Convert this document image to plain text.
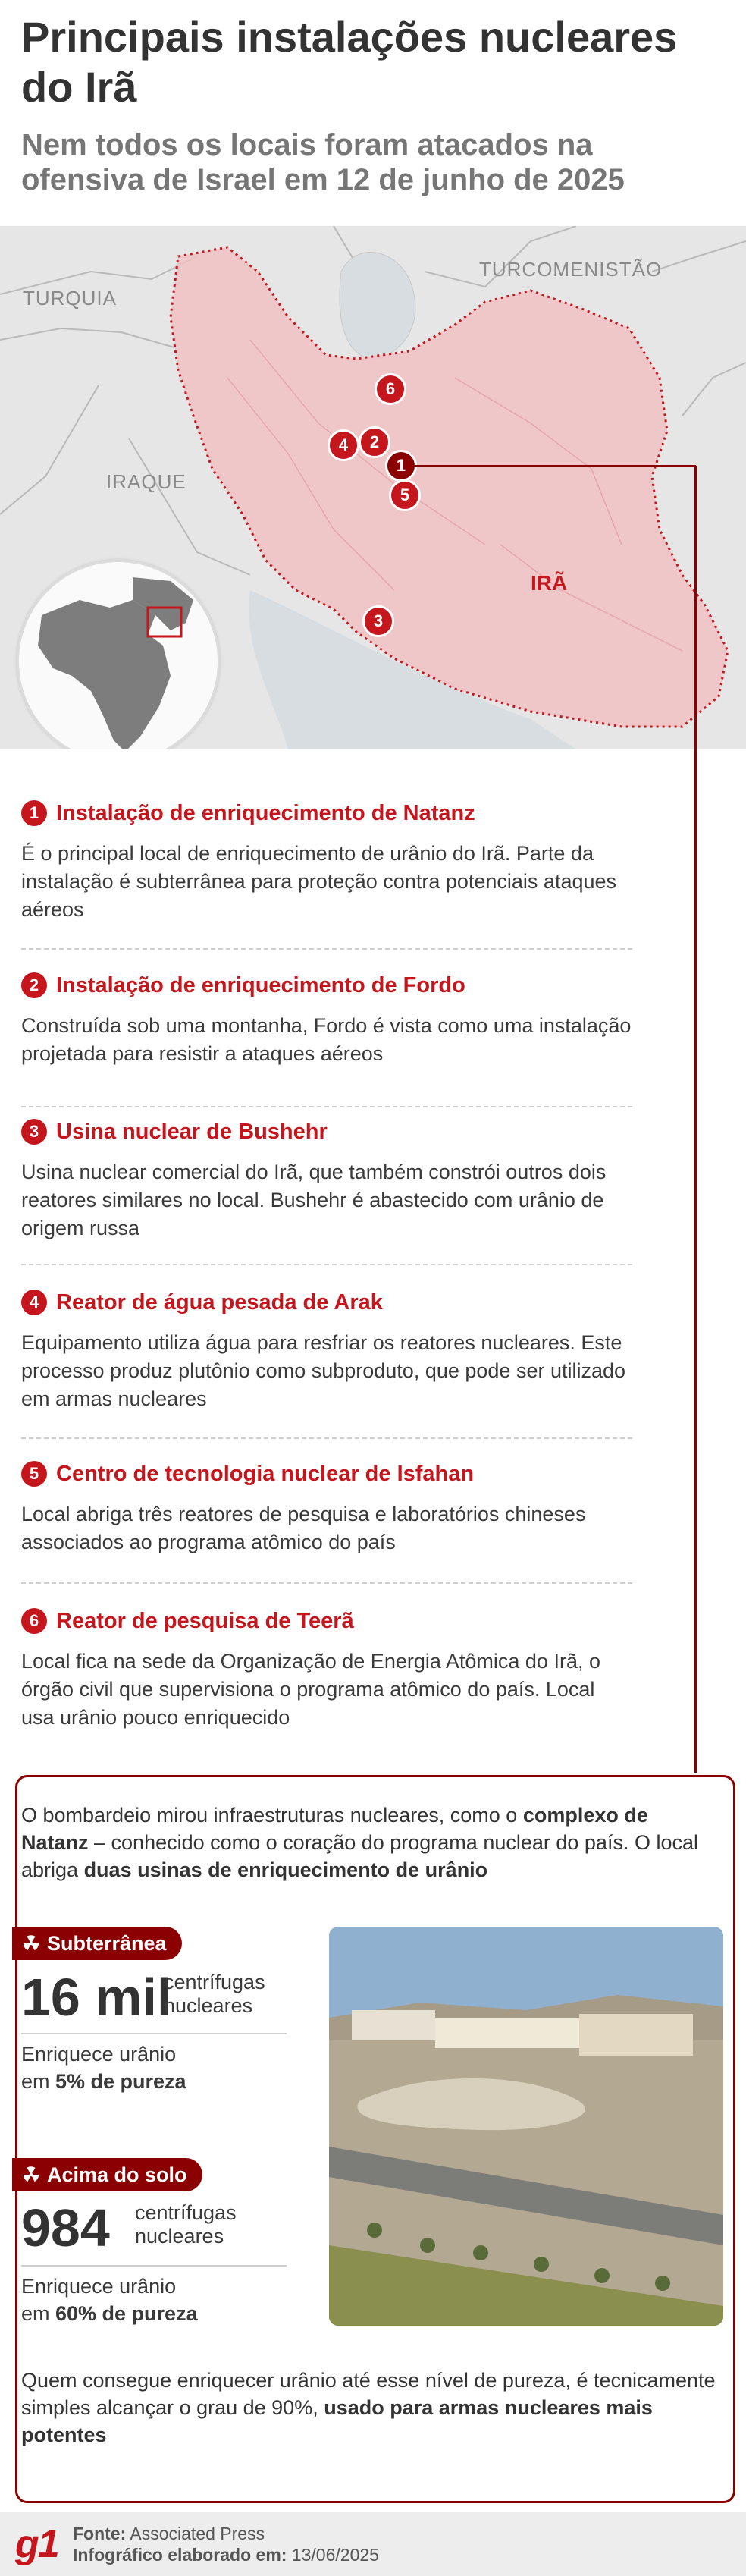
Principais instalações nucleares do Irã
Nem todos os locais foram atacados na ofensiva de Israel em 12 de junho de 2025
TURQUIA
TURCOMENISTÃO
IRAQUE
IRÃ
6
2
4
1
5
3
1 Instalação de enriquecimento de Natanz

É o principal local de enriquecimento de urânio do Irã. Parte da instalação é subterrânea para proteção contra potenciais ataques aéreos

2 Instalação de enriquecimento de Fordo

Construída sob uma montanha, Fordo é vista como uma instalação projetada para resistir a ataques aéreos

3 Usina nuclear de Bushehr

Usina nuclear comercial do Irã, que também constrói outros dois reatores similares no local. Bushehr é abastecido com urânio de origem russa

4 Reator de água pesada de Arak

Equipamento utiliza água para resfriar os reatores nucleares. Este processo produz plutônio como subproduto, que pode ser utilizado em armas nucleares

5 Centro de tecnologia nuclear de Isfahan

Local abriga três reatores de pesquisa e laboratórios chineses associados ao programa atômico do país

6 Reator de pesquisa de Teerã

Local fica na sede da Organização de Energia Atômica do Irã, o órgão civil que supervisiona o programa atômico do país. Local usa urânio pouco enriquecido

O bombardeio mirou infraestruturas nucleares, como o complexo de Natanz – conhecido como o coração do programa nuclear do país. O local abriga duas usinas de enriquecimento de urânio

Subterrânea
16 mil
centrífugas
nucleares
Enriquece urânio
em 5% de pureza
Acima do solo
984 centrífugas
nucleares
Enriquece urânio
em 60% de pureza

Quem consegue enriquecer urânio até esse nível de pureza, é tecnicamente simples alcançar o grau de 90%, usado para armas nucleares mais potentes

g1 Fonte: Associated Press
Infográfico elaborado em: 13/06/2025
